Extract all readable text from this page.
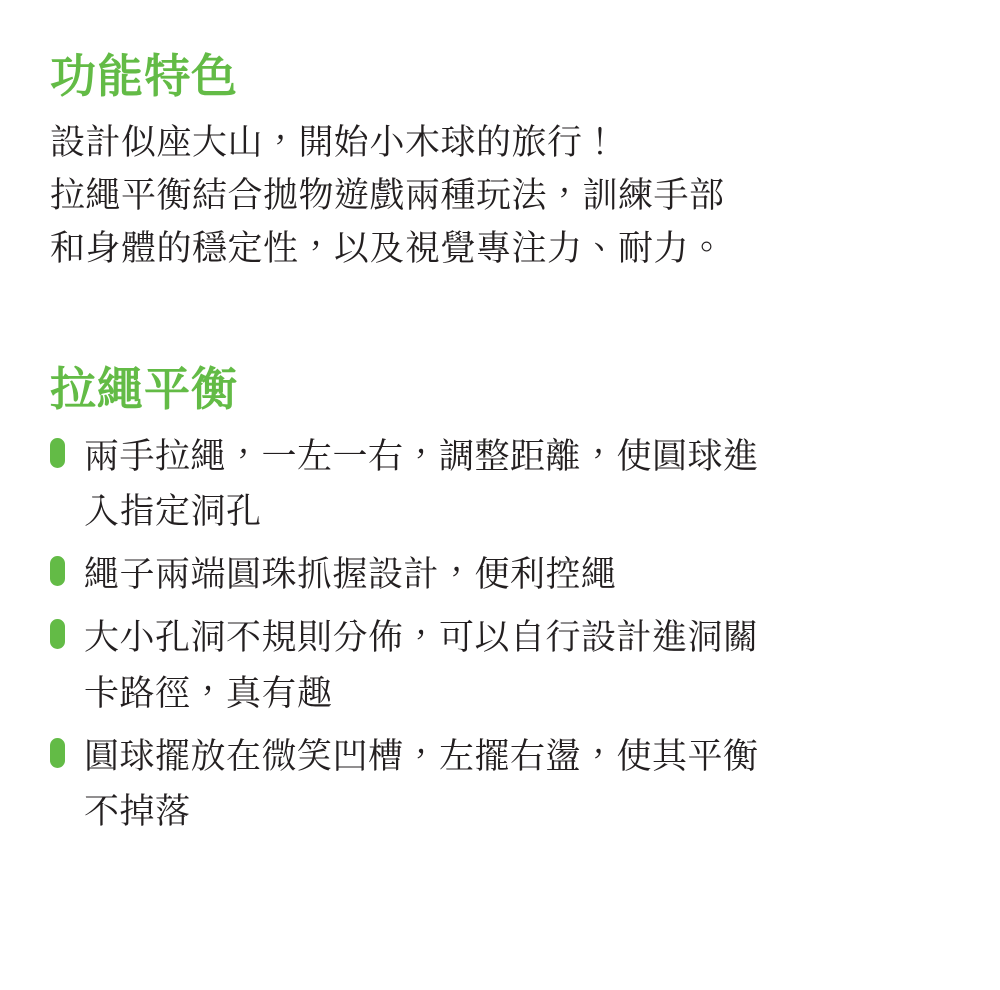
功能特色
設計似座大山，開始小木球的旅行！
拉繩平衡結合拋物遊戲兩種玩法，訓練手部
和身體的穩定性，以及視覺專注力、耐力。
拉繩平衡
兩手拉繩，一左一右，調整距離，使圓球進
入指定洞孔
繩子兩端圓珠抓握設計，便利控繩
大小孔洞不規則分佈，可以自行設計進洞關
卡路徑，真有趣
圓球擺放在微笑凹槽，左擺右盪，使其平衡
不掉落
